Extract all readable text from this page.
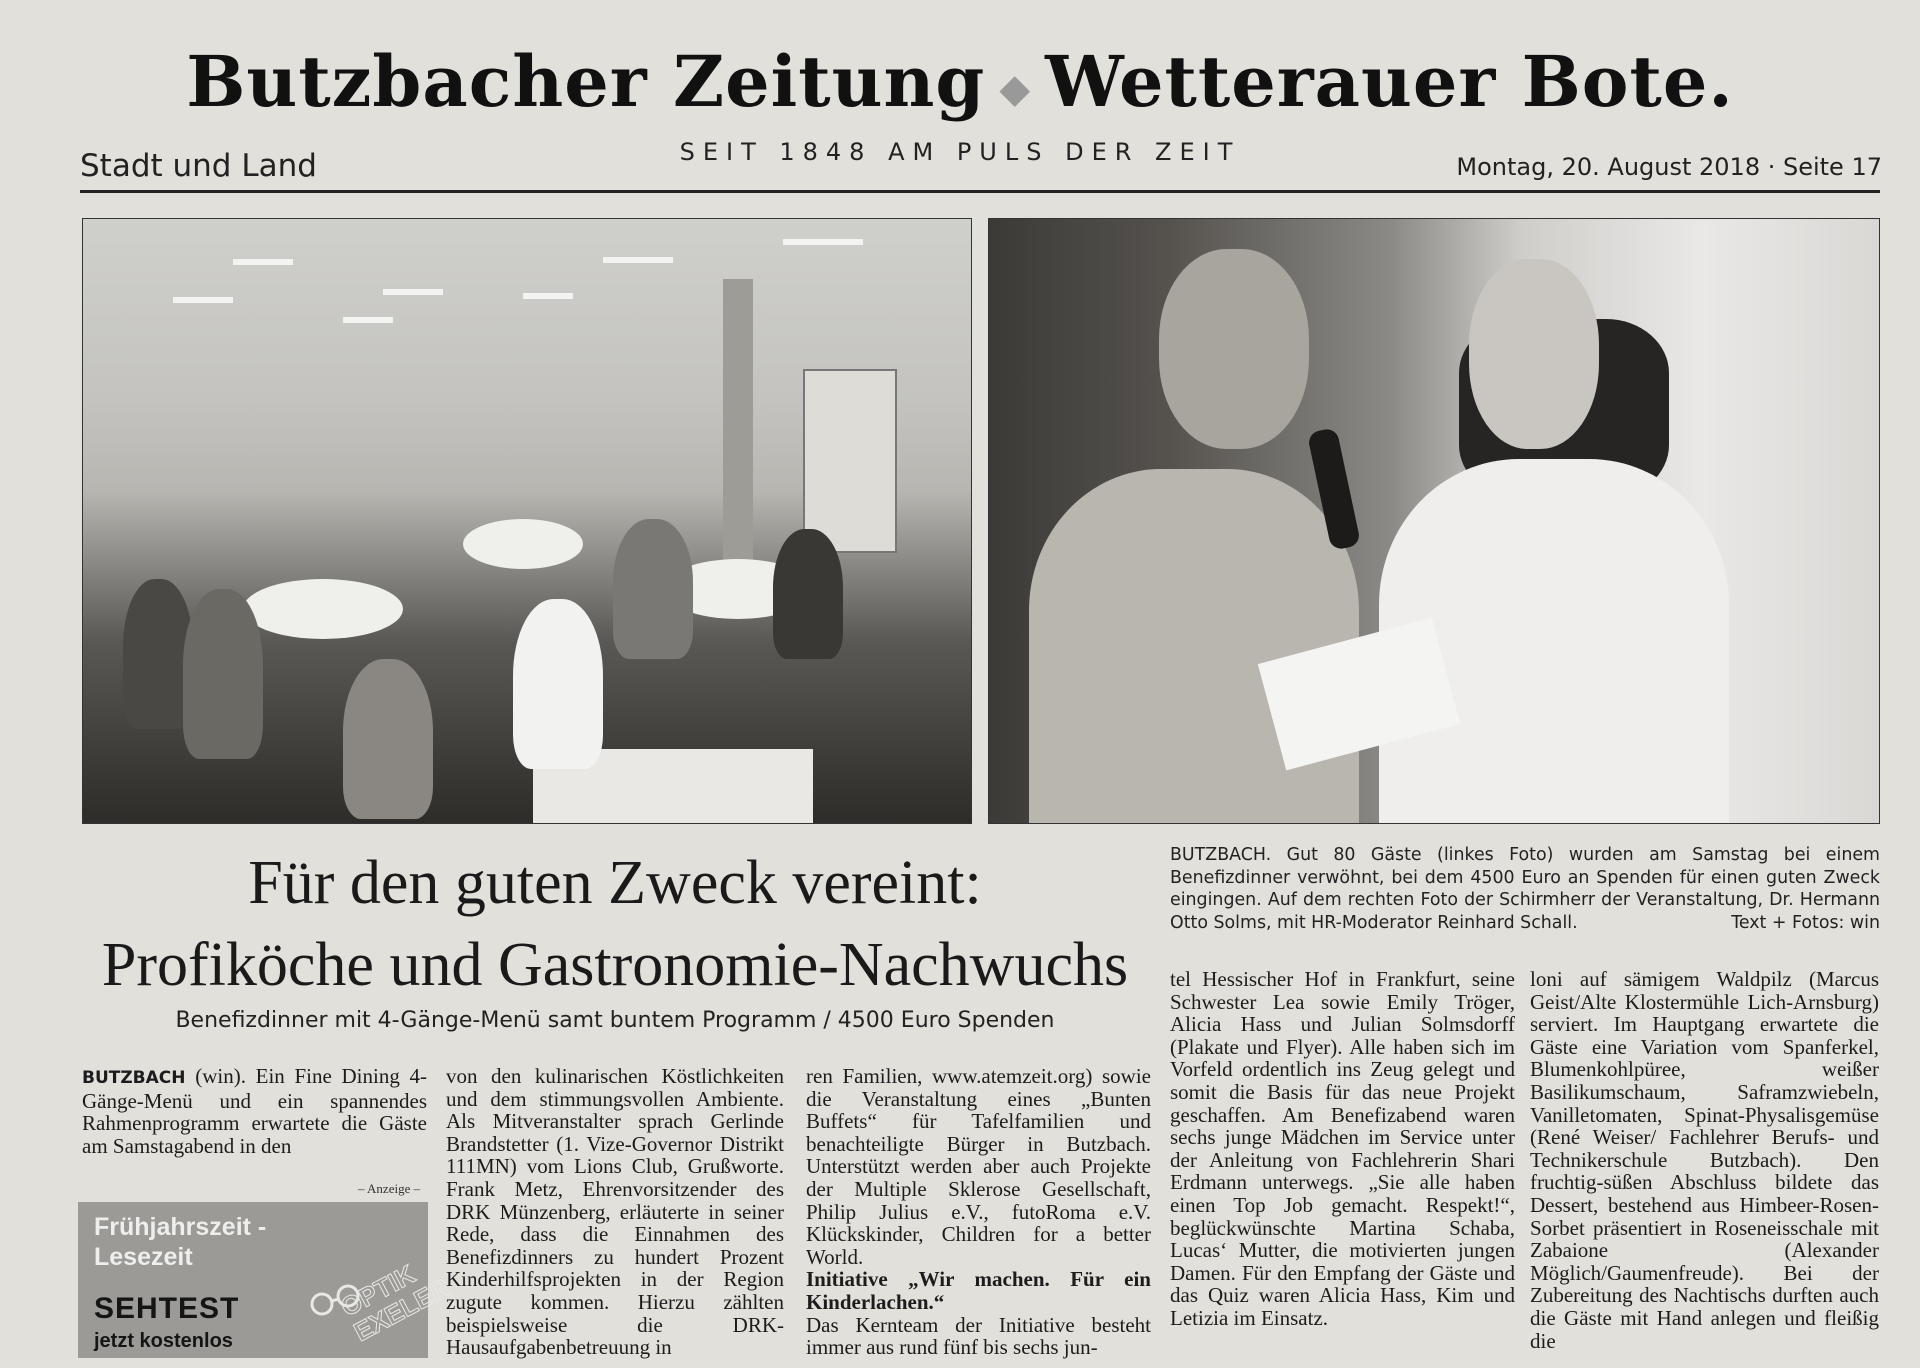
Butzbacher Zeitung ◆ Wetterauer Bote.
SEIT 1848 AM PULS DER ZEIT
Stadt und Land	Montag, 20. August 2018 · Seite 17
Für den guten Zweck vereint:
Profiköche und Gastronomie-Nachwuchs
Benefizdinner mit 4-Gänge-Menü samt buntem Programm / 4500 Euro Spenden
BUTZBACH. Gut 80 Gäste (linkes Foto) wurden am Samstag bei einem Benefizdinner verwöhnt, bei dem 4500 Euro an Spenden für einen guten Zweck eingingen. Auf dem rechten Foto der Schirmherr der Veranstaltung, Dr. Hermann Otto Solms, mit HR-Moderator Reinhard Schall.	Text + Fotos: win
BUTZBACH (win). Ein Fine Dining 4-Gänge-Menü und ein spannendes Rahmenprogramm erwartete die Gäste am Samstagabend in den
– Anzeige –
von den kulinarischen Köstlichkeiten und dem stimmungsvollen Ambiente. Als Mitveranstalter sprach Gerlinde Brandstetter (1. Vize-Governor Distrikt 111MN) vom Lions Club, Grußworte. Frank Metz, Ehrenvorsitzender des DRK Münzenberg, erläuterte in seiner Rede, dass die Einnahmen des Benefizdinners zu hundert Prozent Kinderhilfsprojekten in der Region zugute kommen. Hierzu zählten beispielsweise die DRK-Hausaufgabenbetreuung in
ren Familien, www.atemzeit.org) sowie die Veranstaltung eines „Bunten Buffets“ für Tafelfamilien und benachteiligte Bürger in Butzbach. Unterstützt werden aber auch Projekte der Multiple Sklerose Gesellschaft, Philip Julius e.V., futoRoma e.V. Klückskinder, Children for a better World.
Initiative „Wir machen. Für ein Kinderlachen.“
Das Kernteam der Initiative besteht immer aus rund fünf bis sechs jun-
tel Hessischer Hof in Frankfurt, seine Schwester Lea sowie Emily Tröger, Alicia Hass und Julian Solmsdorff (Plakate und Flyer). Alle haben sich im Vorfeld ordentlich ins Zeug gelegt und somit die Basis für das neue Projekt geschaffen. Am Benefizabend waren sechs junge Mädchen im Service unter der Anleitung von Fachlehrerin Shari Erdmann unterwegs. „Sie alle haben einen Top Job gemacht. Respekt!“, beglückwünschte Martina Schaba, Lucas‘ Mutter, die motivierten jungen Damen. Für den Empfang der Gäste und das Quiz waren Alicia Hass, Kim und Letizia im Einsatz.
loni auf sämigem Waldpilz (Marcus Geist/Alte Klostermühle Lich-Arnsburg) serviert. Im Hauptgang erwartete die Gäste eine Variation vom Spanferkel, Blumenkohlpüree, weißer Basilikumschaum, Saframzwiebeln, Vanilletomaten, Spinat-Physalisgemüse (René Weiser/ Fachlehrer Berufs- und Technikerschule Butzbach). Den fruchtig-süßen Abschluss bildete das Dessert, bestehend aus Himbeer-Rosen-Sorbet präsentiert in Roseneisschale mit Zabaione (Alexander Möglich/Gaumenfreude). Bei der Zubereitung des Nachtischs durften auch die Gäste mit Hand anlegen und fleißig die
Frühjahrszeit -
Lesezeit
SEHTEST
jetzt kostenlos
OPTIK EXELER
